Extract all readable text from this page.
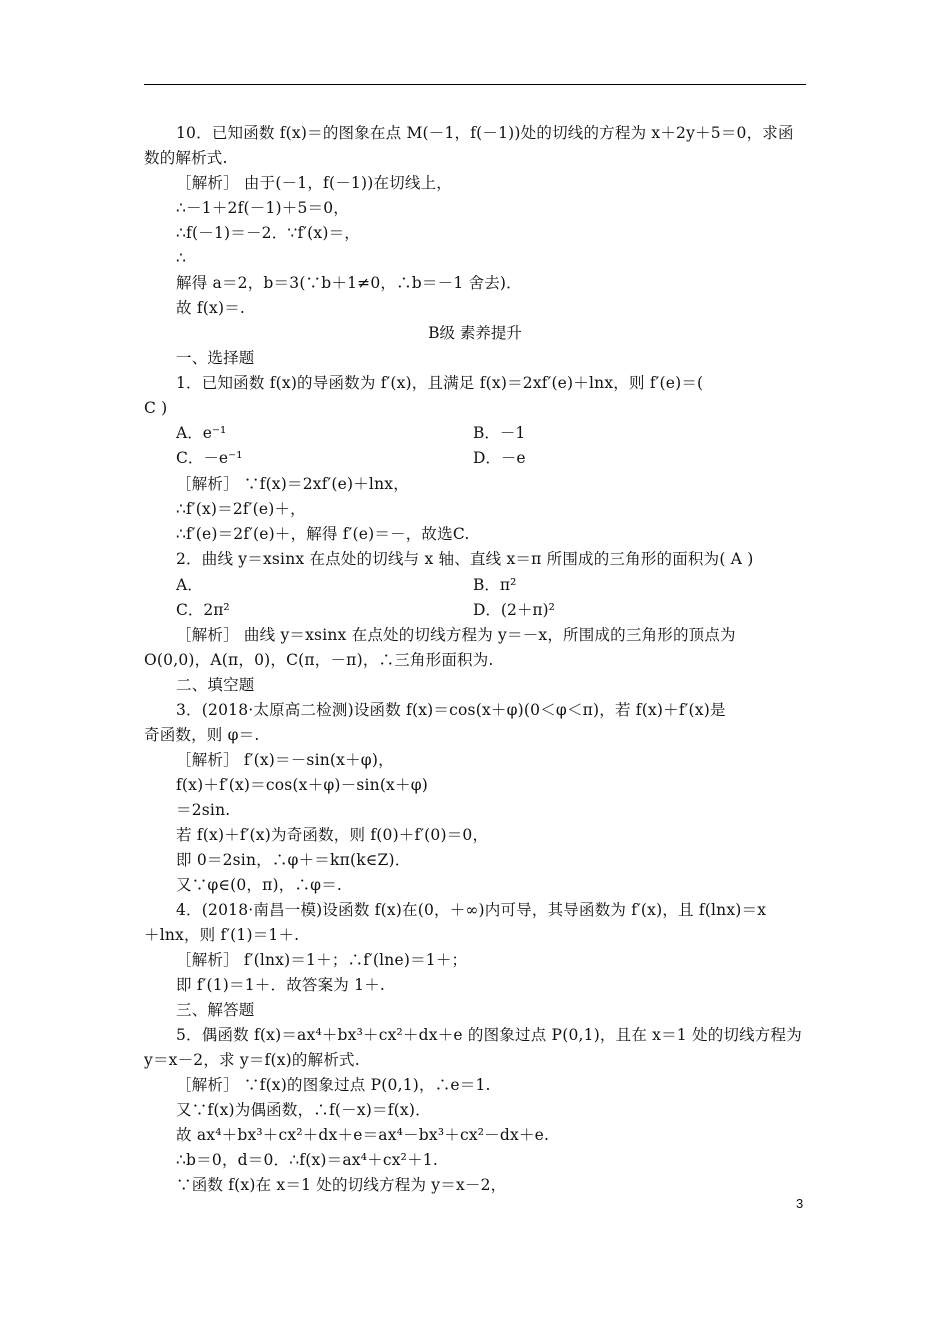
10．已知函数 f(x)＝的图象在点 M(－1，f(－1))处的切线的方程为 x＋2y＋5＝0，求函
数的解析式.
［解析］ 由于(－1，f(－1))在切线上，
∴－1＋2f(－1)＋5＝0，
∴f(－1)＝－2．∵f′(x)＝，
∴
解得 a＝2，b＝3(∵b＋1≠0，∴b＝－1 舍去)．
故 f(x)＝.
一、选择题
1．已知函数 f(x)的导函数为 f′(x)，且满足 f(x)＝2xf′(e)＋lnx，则 f′(e)＝(
C )
［解析］ ∵f(x)＝2xf′(e)＋lnx，
∴f′(x)＝2f′(e)＋，
∴f′(e)＝2f′(e)＋，解得 f′(e)＝－，故选C.
2．曲线 y＝xsinx 在点处的切线与 x 轴、直线 x＝π 所围成的三角形的面积为( A )
［解析］ 曲线 y＝xsinx 在点处的切线方程为 y＝－x，所围成的三角形的顶点为
O(0,0)，A(π，0)，C(π，－π)，∴三角形面积为.
二、填空题
3．(2018·太原高二检测)设函数 f(x)＝cos(x＋φ)(0＜φ＜π)，若 f(x)＋f′(x)是
奇函数，则 φ＝.
［解析］ f′(x)＝－sin(x＋φ)，
f(x)＋f′(x)＝cos(x＋φ)－sin(x＋φ)
＝2sin.
若 f(x)＋f′(x)为奇函数，则 f(0)＋f′(0)＝0，
即 0＝2sin，∴φ＋＝kπ(k∈Z)．
又∵φ∈(0，π)，∴φ＝.
4．(2018·南昌一模)设函数 f(x)在(0，＋∞)内可导，其导函数为 f′(x)，且 f(lnx)＝x
＋lnx，则 f′(1)＝1＋.
［解析］ f′(lnx)＝1＋；∴f′(lne)＝1＋；
即 f′(1)＝1＋．故答案为 1＋.
三、解答题
5．偶函数 f(x)＝ax⁴＋bx³＋cx²＋dx＋e 的图象过点 P(0,1)，且在 x＝1 处的切线方程为
y＝x－2，求 y＝f(x)的解析式.
［解析］ ∵f(x)的图象过点 P(0,1)，∴e＝1.
又∵f(x)为偶函数，∴f(－x)＝f(x)．
故 ax⁴＋bx³＋cx²＋dx＋e＝ax⁴－bx³＋cx²－dx＋e.
∴b＝0，d＝0．∴f(x)＝ax⁴＋cx²＋1.
∵函数 f(x)在 x＝1 处的切线方程为 y＝x－2，
B级 素养提升
A．e⁻¹	B．－1
C．－e⁻¹	D．－e
A．	B．π²
C．2π²	D．(2＋π)²
3
